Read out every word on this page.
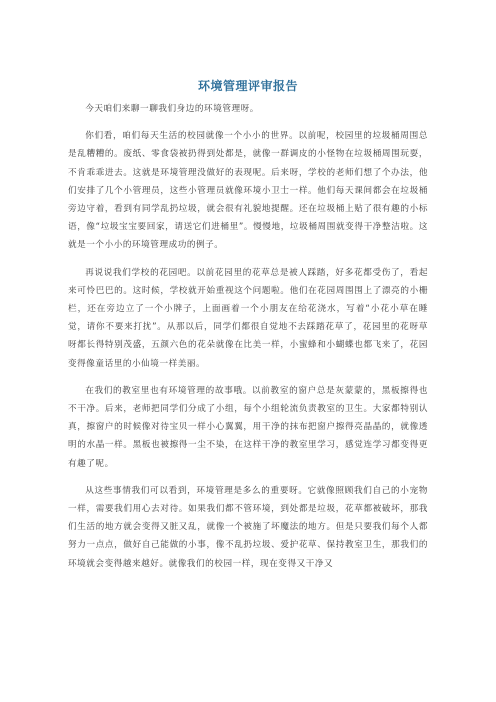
环境管理评审报告

今天咱们来聊一聊我们身边的环境管理呀。

你们看，咱们每天生活的校园就像一个小小的世界。以前呢，校园里的垃圾桶周围总是乱糟糟的。废纸、零食袋被扔得到处都是，就像一群调皮的小怪物在垃圾桶周围玩耍，不肯乖乖进去。这就是环境管理没做好的表现呢。后来呀，学校的老师们想了个办法，他们安排了几个小管理员，这些小管理员就像环境小卫士一样。他们每天课间都会在垃圾桶旁边守着，看到有同学乱扔垃圾，就会很有礼貌地提醒。还在垃圾桶上贴了很有趣的小标语，像“垃圾宝宝要回家，请送它们进桶里”。慢慢地，垃圾桶周围就变得干净整洁啦。这就是一个小小的环境管理成功的例子。

再说说我们学校的花园吧。以前花园里的花草总是被人踩踏，好多花都受伤了，看起来可怜巴巴的。这时候，学校就开始重视这个问题啦。他们在花园周围围上了漂亮的小栅栏，还在旁边立了一个小牌子，上面画着一个小朋友在给花浇水，写着“小花小草在睡觉，请你不要来打扰”。从那以后，同学们都很自觉地不去踩踏花草了，花园里的花呀草呀都长得特别茂盛，五颜六色的花朵就像在比美一样，小蜜蜂和小蝴蝶也都飞来了，花园变得像童话里的小仙境一样美丽。

在我们的教室里也有环境管理的故事哦。以前教室的窗户总是灰蒙蒙的，黑板擦得也不干净。后来，老师把同学们分成了小组，每个小组轮流负责教室的卫生。大家都特别认真，擦窗户的时候像对待宝贝一样小心翼翼，用干净的抹布把窗户擦得亮晶晶的，就像透明的水晶一样。黑板也被擦得一尘不染，在这样干净的教室里学习，感觉连学习都变得更有趣了呢。

从这些事情我们可以看到，环境管理是多么的重要呀。它就像照顾我们自己的小宠物一样，需要我们用心去对待。如果我们都不管环境，到处都是垃圾，花草都被破坏，那我们生活的地方就会变得又脏又乱，就像一个被施了坏魔法的地方。但是只要我们每个人都努力一点点，做好自己能做的小事，像不乱扔垃圾、爱护花草、保持教室卫生，那我们的环境就会变得越来越好。就像我们的校园一样，现在变得又干净又
